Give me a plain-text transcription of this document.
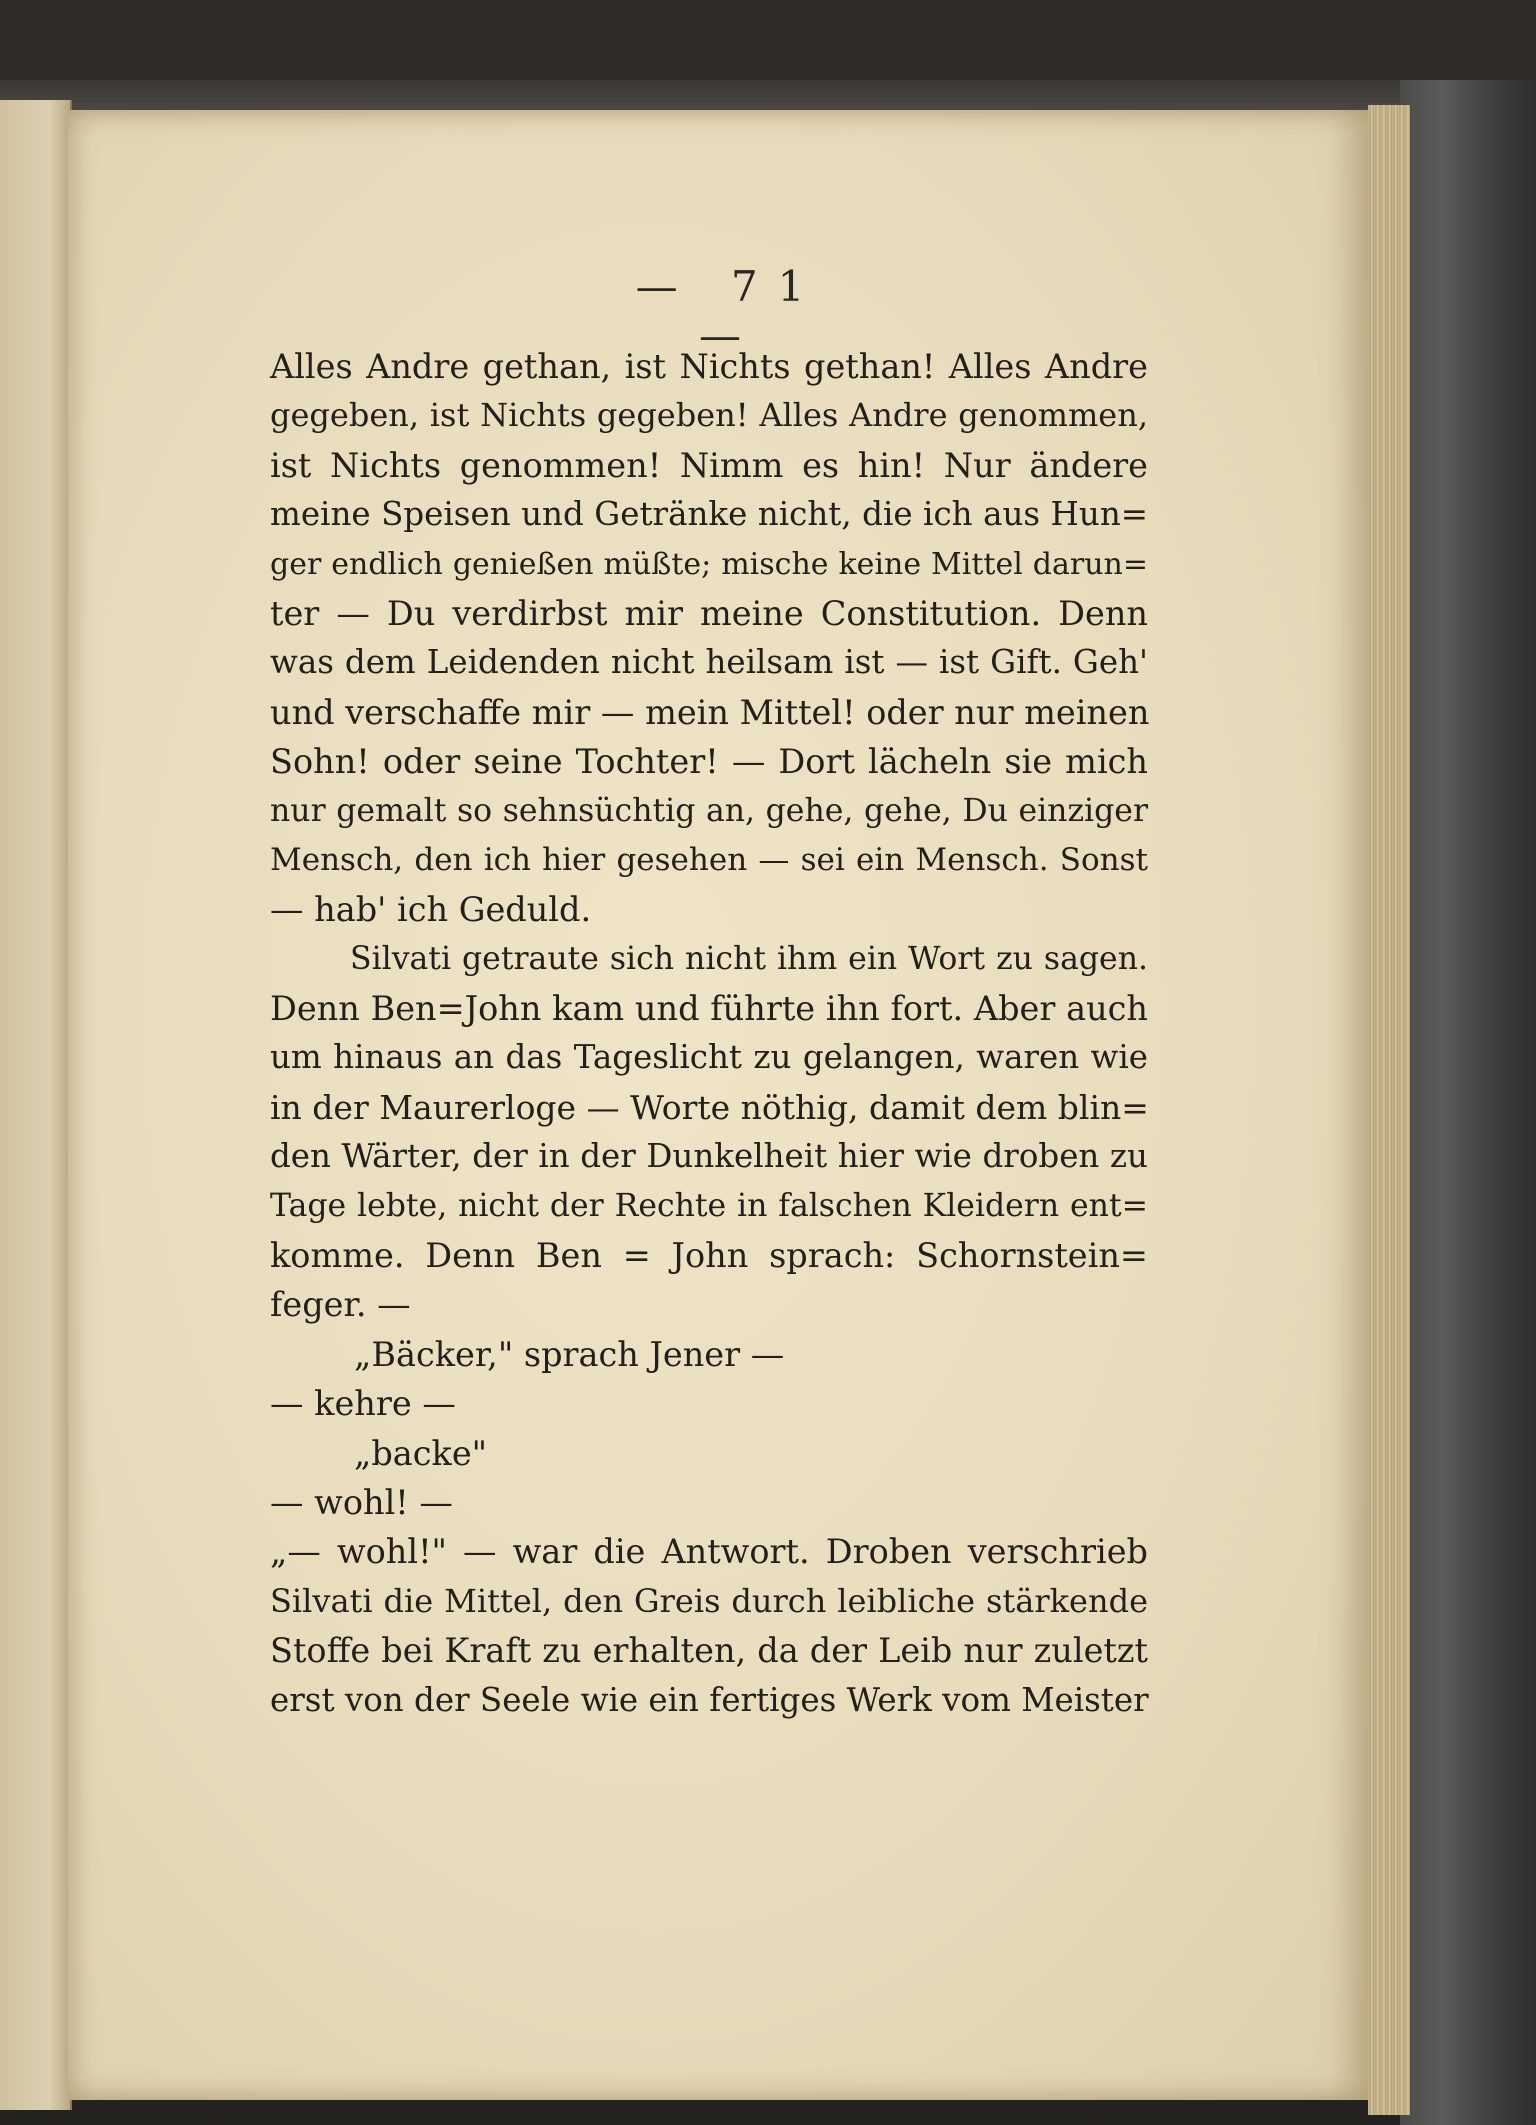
— 71 —
Alles Andre gethan, ist Nichts gethan! Alles Andre
gegeben, ist Nichts gegeben! Alles Andre genommen,
ist Nichts genommen! Nimm es hin! Nur ändere
meine Speisen und Getränke nicht, die ich aus Hun=
ger endlich genießen müßte; mische keine Mittel darun=
ter — Du verdirbst mir meine Constitution. Denn
was dem Leidenden nicht heilsam ist — ist Gift. Geh'
und verschaffe mir — mein Mittel! oder nur meinen
Sohn! oder seine Tochter! — Dort lächeln sie mich
nur gemalt so sehnsüchtig an, gehe, gehe, Du einziger
Mensch, den ich hier gesehen — sei ein Mensch. Sonst
— hab' ich Geduld.
Silvati getraute sich nicht ihm ein Wort zu sagen.
Denn Ben=John kam und führte ihn fort. Aber auch
um hinaus an das Tageslicht zu gelangen, waren wie
in der Maurerloge — Worte nöthig, damit dem blin=
den Wärter, der in der Dunkelheit hier wie droben zu
Tage lebte, nicht der Rechte in falschen Kleidern ent=
komme. Denn Ben = John sprach: Schornstein=
feger. —
„Bäcker," sprach Jener —
— kehre —
„backe"
— wohl! —
„— wohl!" — war die Antwort. Droben verschrieb
Silvati die Mittel, den Greis durch leibliche stärkende
Stoffe bei Kraft zu erhalten, da der Leib nur zuletzt
erst von der Seele wie ein fertiges Werk vom Meister
